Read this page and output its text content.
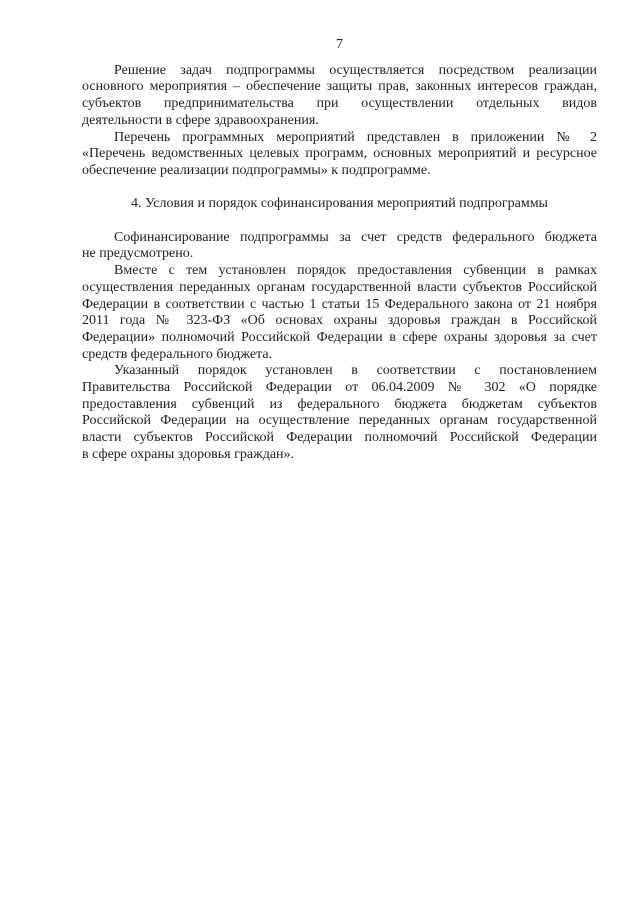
7
Решение задач подпрограммы осуществляется посредством реализации
основного мероприятия – обеспечение защиты прав, законных интересов граждан,
субъектов предпринимательства при осуществлении отдельных видов
деятельности в сфере здравоохранения.
Перечень программных мероприятий представлен в приложении № 2
«Перечень ведомственных целевых программ, основных мероприятий и ресурсное
обеспечение реализации подпрограммы» к подпрограмме.
4. Условия и порядок софинансирования мероприятий подпрограммы
Софинансирование подпрограммы за счет средств федерального бюджета
не предусмотрено.
Вместе с тем установлен порядок предоставления субвенции в рамках
осуществления переданных органам государственной власти субъектов Российской
Федерации в соответствии с частью 1 статьи 15 Федерального закона от 21 ноября
2011 года № 323-ФЗ «Об основах охраны здоровья граждан в Российской
Федерации» полномочий Российской Федерации в сфере охраны здоровья за счет
средств федерального бюджета.
Указанный порядок установлен в соответствии с постановлением
Правительства Российской Федерации от 06.04.2009 № 302 «О порядке
предоставления субвенций из федерального бюджета бюджетам субъектов
Российской Федерации на осуществление переданных органам государственной
власти субъектов Российской Федерации полномочий Российской Федерации
в сфере охраны здоровья граждан».
